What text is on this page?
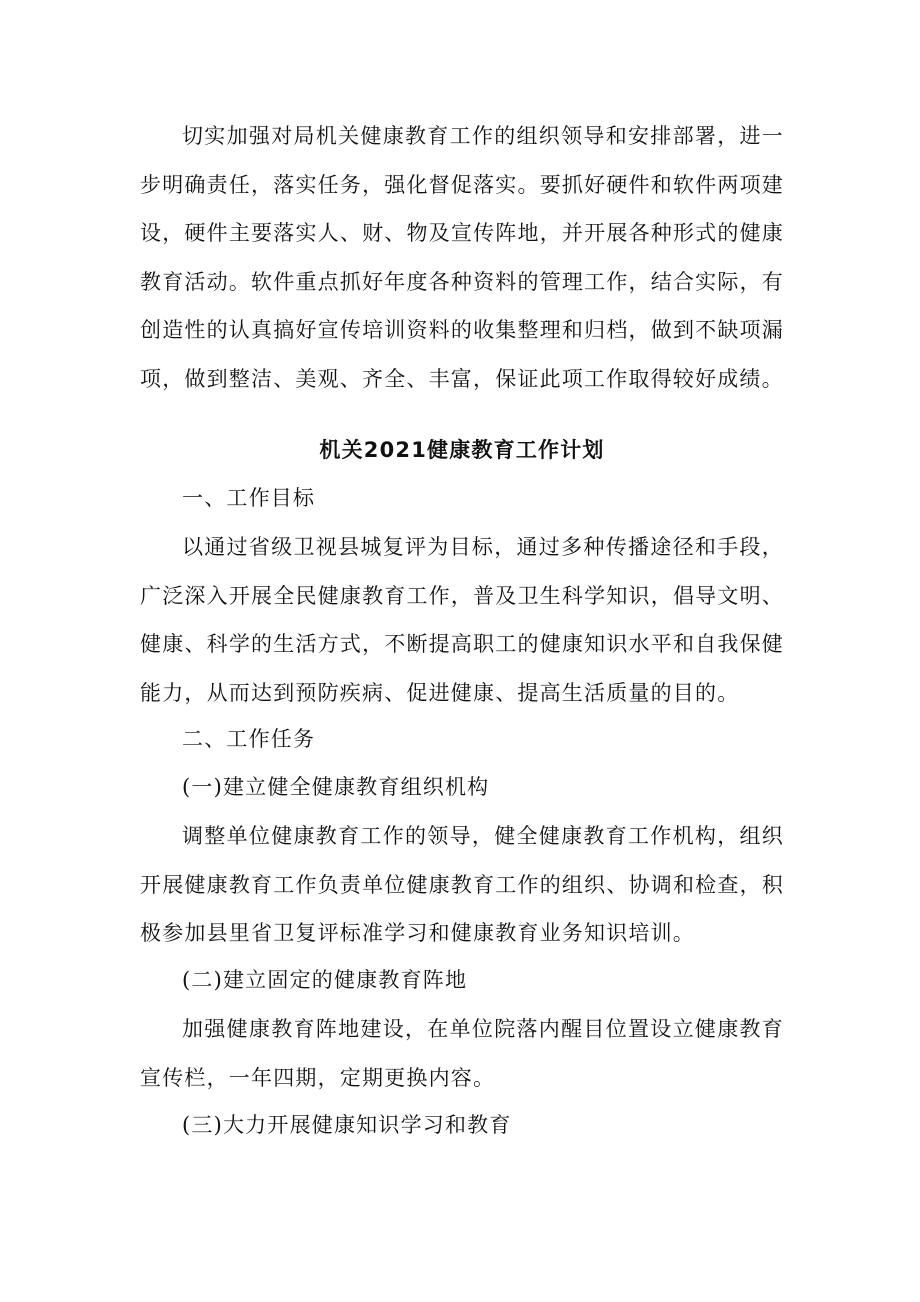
切实加强对局机关健康教育工作的组织领导和安排部署，进一步明确责任，落实任务，强化督促落实。要抓好硬件和软件两项建设，硬件主要落实人、财、物及宣传阵地，并开展各种形式的健康教育活动。软件重点抓好年度各种资料的管理工作，结合实际，有创造性的认真搞好宣传培训资料的收集整理和归档，做到不缺项漏项，做到整洁、美观、齐全、丰富，保证此项工作取得较好成绩。

机关2021健康教育工作计划

一、工作目标

以通过省级卫视县城复评为目标，通过多种传播途径和手段，广泛深入开展全民健康教育工作，普及卫生科学知识，倡导文明、健康、科学的生活方式，不断提高职工的健康知识水平和自我保健能力，从而达到预防疾病、促进健康、提高生活质量的目的。

二、工作任务

(一)建立健全健康教育组织机构

调整单位健康教育工作的领导，健全健康教育工作机构，组织开展健康教育工作负责单位健康教育工作的组织、协调和检查，积极参加县里省卫复评标准学习和健康教育业务知识培训。

(二)建立固定的健康教育阵地

加强健康教育阵地建设，在单位院落内醒目位置设立健康教育宣传栏，一年四期，定期更换内容。

(三)大力开展健康知识学习和教育
